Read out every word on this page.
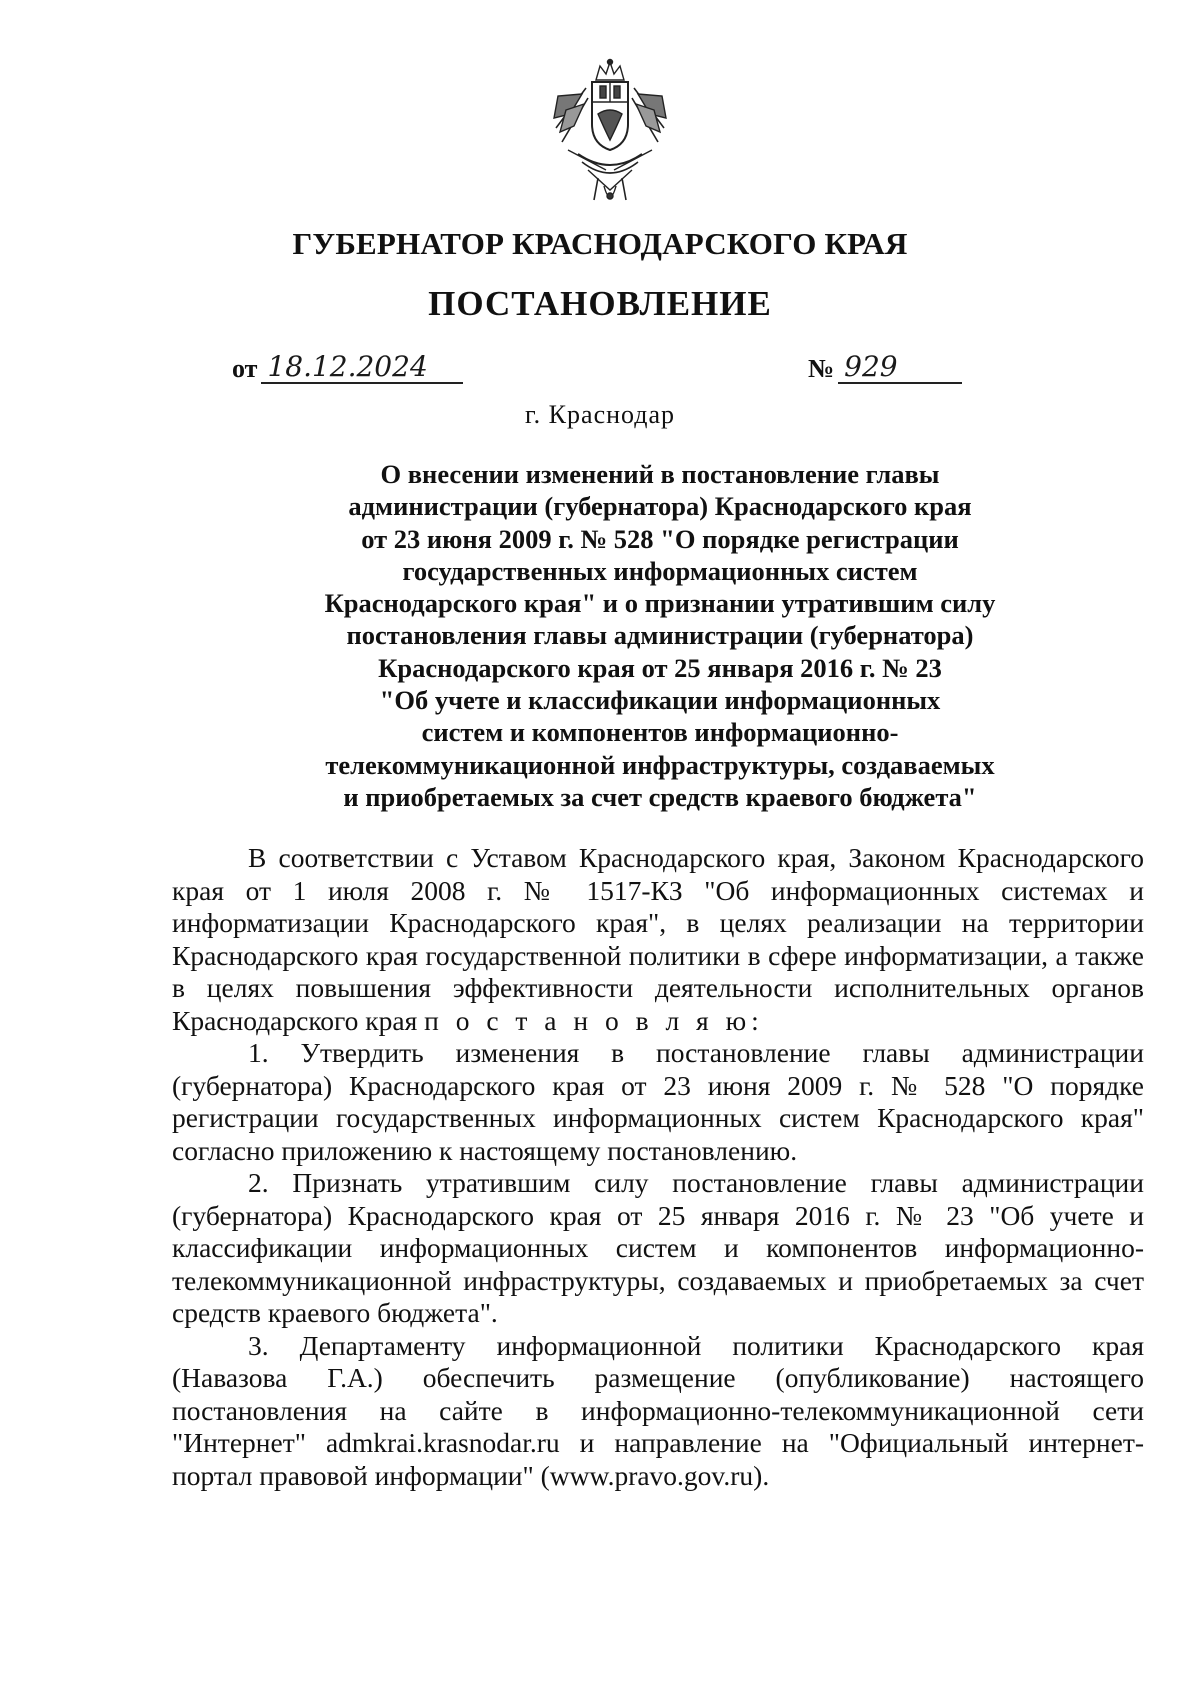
ГУБЕРНАТОР КРАСНОДАРСКОГО КРАЯ
ПОСТАНОВЛЕНИЕ
от 18.12.2024	№ 929
г. Краснодар
О внесении изменений в постановление главы
администрации (губернатора) Краснодарского края
от 23 июня 2009 г. № 528 "О порядке регистрации
государственных информационных систем
Краснодарского края" и о признании утратившим силу
постановления главы администрации (губернатора)
Краснодарского края от 25 января 2016 г. № 23
"Об учете и классификации информационных
систем и компонентов информационно-
телекоммуникационной инфраструктуры, создаваемых
и приобретаемых за счет средств краевого бюджета"

В соответствии с Уставом Краснодарского края, Законом Краснодарского края от 1 июля 2008 г. № 1517-КЗ "Об информационных системах и информатизации Краснодарского края", в целях реализации на территории Краснодарского края государственной политики в сфере информатизации, а также в целях повышения эффективности деятельности исполнительных органов Краснодарского края п о с т а н о в л я ю:

1. Утвердить изменения в постановление главы администрации (губернатора) Краснодарского края от 23 июня 2009 г. № 528 "О порядке регистрации государственных информационных систем Краснодарского края" согласно приложению к настоящему постановлению.

2. Признать утратившим силу постановление главы администрации (губернатора) Краснодарского края от 25 января 2016 г. № 23 "Об учете и классификации информационных систем и компонентов информационно-телекоммуникационной инфраструктуры, создаваемых и приобретаемых за счет средств краевого бюджета".

3. Департаменту информационной политики Краснодарского края (Навазова Г.А.) обеспечить размещение (опубликование) настоящего постановления на сайте в информационно-телекоммуникационной сети "Интернет" admkrai.krasnodar.ru и направление на "Официальный интернет-портал правовой информации" (www.pravo.gov.ru).
